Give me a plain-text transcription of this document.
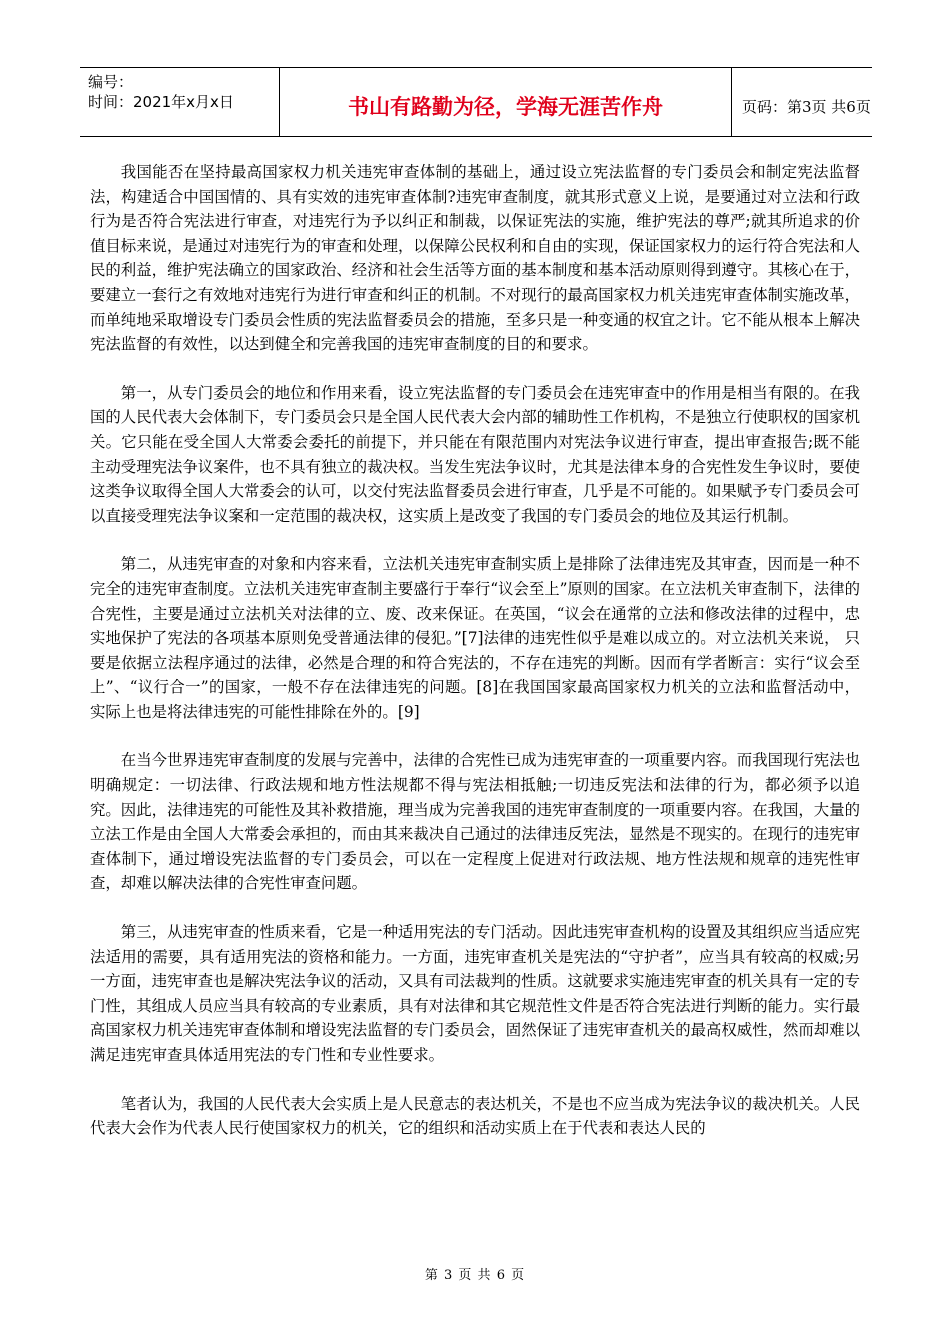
编号：
时间：2021年x月x日	书山有路勤为径，学海无涯苦作舟	页码：第3页 共6页

我国能否在坚持最高国家权力机关违宪审查体制的基础上，通过设立宪法监督的专门委员会和制定宪法监督法，构建适合中国国情的、具有实效的违宪审查体制?违宪审查制度，就其形式意义上说，是要通过对立法和行政行为是否符合宪法进行审查，对违宪行为予以纠正和制裁，以保证宪法的实施，维护宪法的尊严;就其所追求的价值目标来说，是通过对违宪行为的审查和处理，以保障公民权利和自由的实现，保证国家权力的运行符合宪法和人民的利益，维护宪法确立的国家政治、经济和社会生活等方面的基本制度和基本活动原则得到遵守。其核心在于，要建立一套行之有效地对违宪行为进行审查和纠正的机制。不对现行的最高国家权力机关违宪审查体制实施改革，而单纯地采取增设专门委员会性质的宪法监督委员会的措施，至多只是一种变通的权宜之计。它不能从根本上解决宪法监督的有效性，以达到健全和完善我国的违宪审查制度的目的和要求。

第一，从专门委员会的地位和作用来看，设立宪法监督的专门委员会在违宪审查中的作用是相当有限的。在我国的人民代表大会体制下，专门委员会只是全国人民代表大会内部的辅助性工作机构，不是独立行使职权的国家机关。它只能在受全国人大常委会委托的前提下，并只能在有限范围内对宪法争议进行审查，提出审查报告;既不能主动受理宪法争议案件，也不具有独立的裁决权。当发生宪法争议时，尤其是法律本身的合宪性发生争议时，要使这类争议取得全国人大常委会的认可，以交付宪法监督委员会进行审查，几乎是不可能的。如果赋予专门委员会可以直接受理宪法争议案和一定范围的裁决权，这实质上是改变了我国的专门委员会的地位及其运行机制。

第二，从违宪审查的对象和内容来看，立法机关违宪审查制实质上是排除了法律违宪及其审查，因而是一种不完全的违宪审查制度。立法机关违宪审查制主要盛行于奉行“议会至上”原则的国家。在立法机关审查制下，法律的合宪性，主要是通过立法机关对法律的立、废、改来保证。在英国，“议会在通常的立法和修改法律的过程中，忠实地保护了宪法的各项基本原则免受普通法律的侵犯。”[7]法律的违宪性似乎是难以成立的。对立法机关来说， 只要是依据立法程序通过的法律，必然是合理的和符合宪法的，不存在违宪的判断。因而有学者断言：实行“议会至上”、“议行合一”的国家，一般不存在法律违宪的问题。[8]在我国国家最高国家权力机关的立法和监督活动中， 实际上也是将法律违宪的可能性排除在外的。[9]

在当今世界违宪审查制度的发展与完善中，法律的合宪性已成为违宪审查的一项重要内容。而我国现行宪法也明确规定：一切法律、行政法规和地方性法规都不得与宪法相抵触;一切违反宪法和法律的行为，都必须予以追究。因此，法律违宪的可能性及其补救措施，理当成为完善我国的违宪审查制度的一项重要内容。在我国，大量的立法工作是由全国人大常委会承担的，而由其来裁决自己通过的法律违反宪法，显然是不现实的。在现行的违宪审查体制下，通过增设宪法监督的专门委员会，可以在一定程度上促进对行政法规、地方性法规和规章的违宪性审查，却难以解决法律的合宪性审查问题。

第三，从违宪审查的性质来看，它是一种适用宪法的专门活动。因此违宪审查机构的设置及其组织应当适应宪法适用的需要，具有适用宪法的资格和能力。一方面，违宪审查机关是宪法的“守护者”，应当具有较高的权威;另一方面，违宪审查也是解决宪法争议的活动，又具有司法裁判的性质。这就要求实施违宪审查的机关具有一定的专门性，其组成人员应当具有较高的专业素质，具有对法律和其它规范性文件是否符合宪法进行判断的能力。实行最高国家权力机关违宪审查体制和增设宪法监督的专门委员会，固然保证了违宪审查机关的最高权威性，然而却难以满足违宪审查具体适用宪法的专门性和专业性要求。

笔者认为，我国的人民代表大会实质上是人民意志的表达机关，不是也不应当成为宪法争议的裁决机关。人民代表大会作为代表人民行使国家权力的机关，它的组织和活动实质上在于代表和表达人民的

第 3 页 共 6 页
